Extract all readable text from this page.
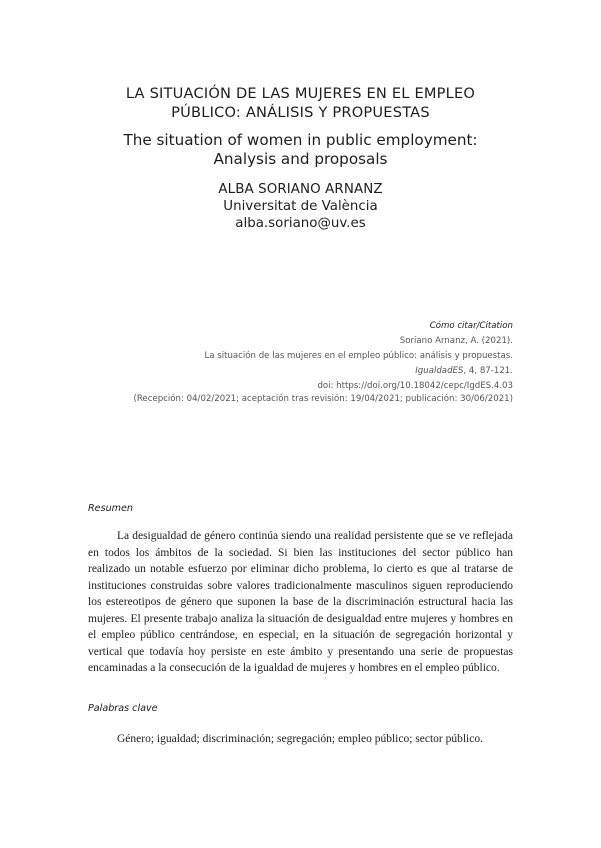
LA SITUACIÓN DE LAS MUJERES EN EL EMPLEO
PÚBLICO: ANÁLISIS Y PROPUESTAS
The situation of women in public employment:
Analysis and proposals
ALBA SORIANO ARNANZ
Universitat de València
alba.soriano@uv.es
Cómo citar/Citation
Soriano Arnanz, A. (2021).
La situación de las mujeres en el empleo público: análisis y propuestas.
IgualdadES, 4, 87-121.
doi: https://doi.org/10.18042/cepc/IgdES.4.03
(Recepción: 04/02/2021; aceptación tras revisión: 19/04/2021; publicación: 30/06/2021)
Resumen

La desigualdad de género continúa siendo una realidad persistente que se ve reflejada en todos los ámbitos de la sociedad. Si bien las instituciones del sector público han realizado un notable esfuerzo por eliminar dicho problema, lo cierto es que al tratarse de instituciones construidas sobre valores tradicionalmente masculinos siguen reproduciendo los estereotipos de género que suponen la base de la discriminación estructural hacia las mujeres. El presente trabajo analiza la situación de desigualdad entre mujeres y hombres en el empleo público centrándose, en especial, en la situación de segregación horizontal y vertical que todavía hoy persiste en este ámbito y presentando una serie de propuestas encaminadas a la consecución de la igualdad de mujeres y hombres en el empleo público.

Palabras clave

Género; igualdad; discriminación; segregación; empleo público; sector público.
